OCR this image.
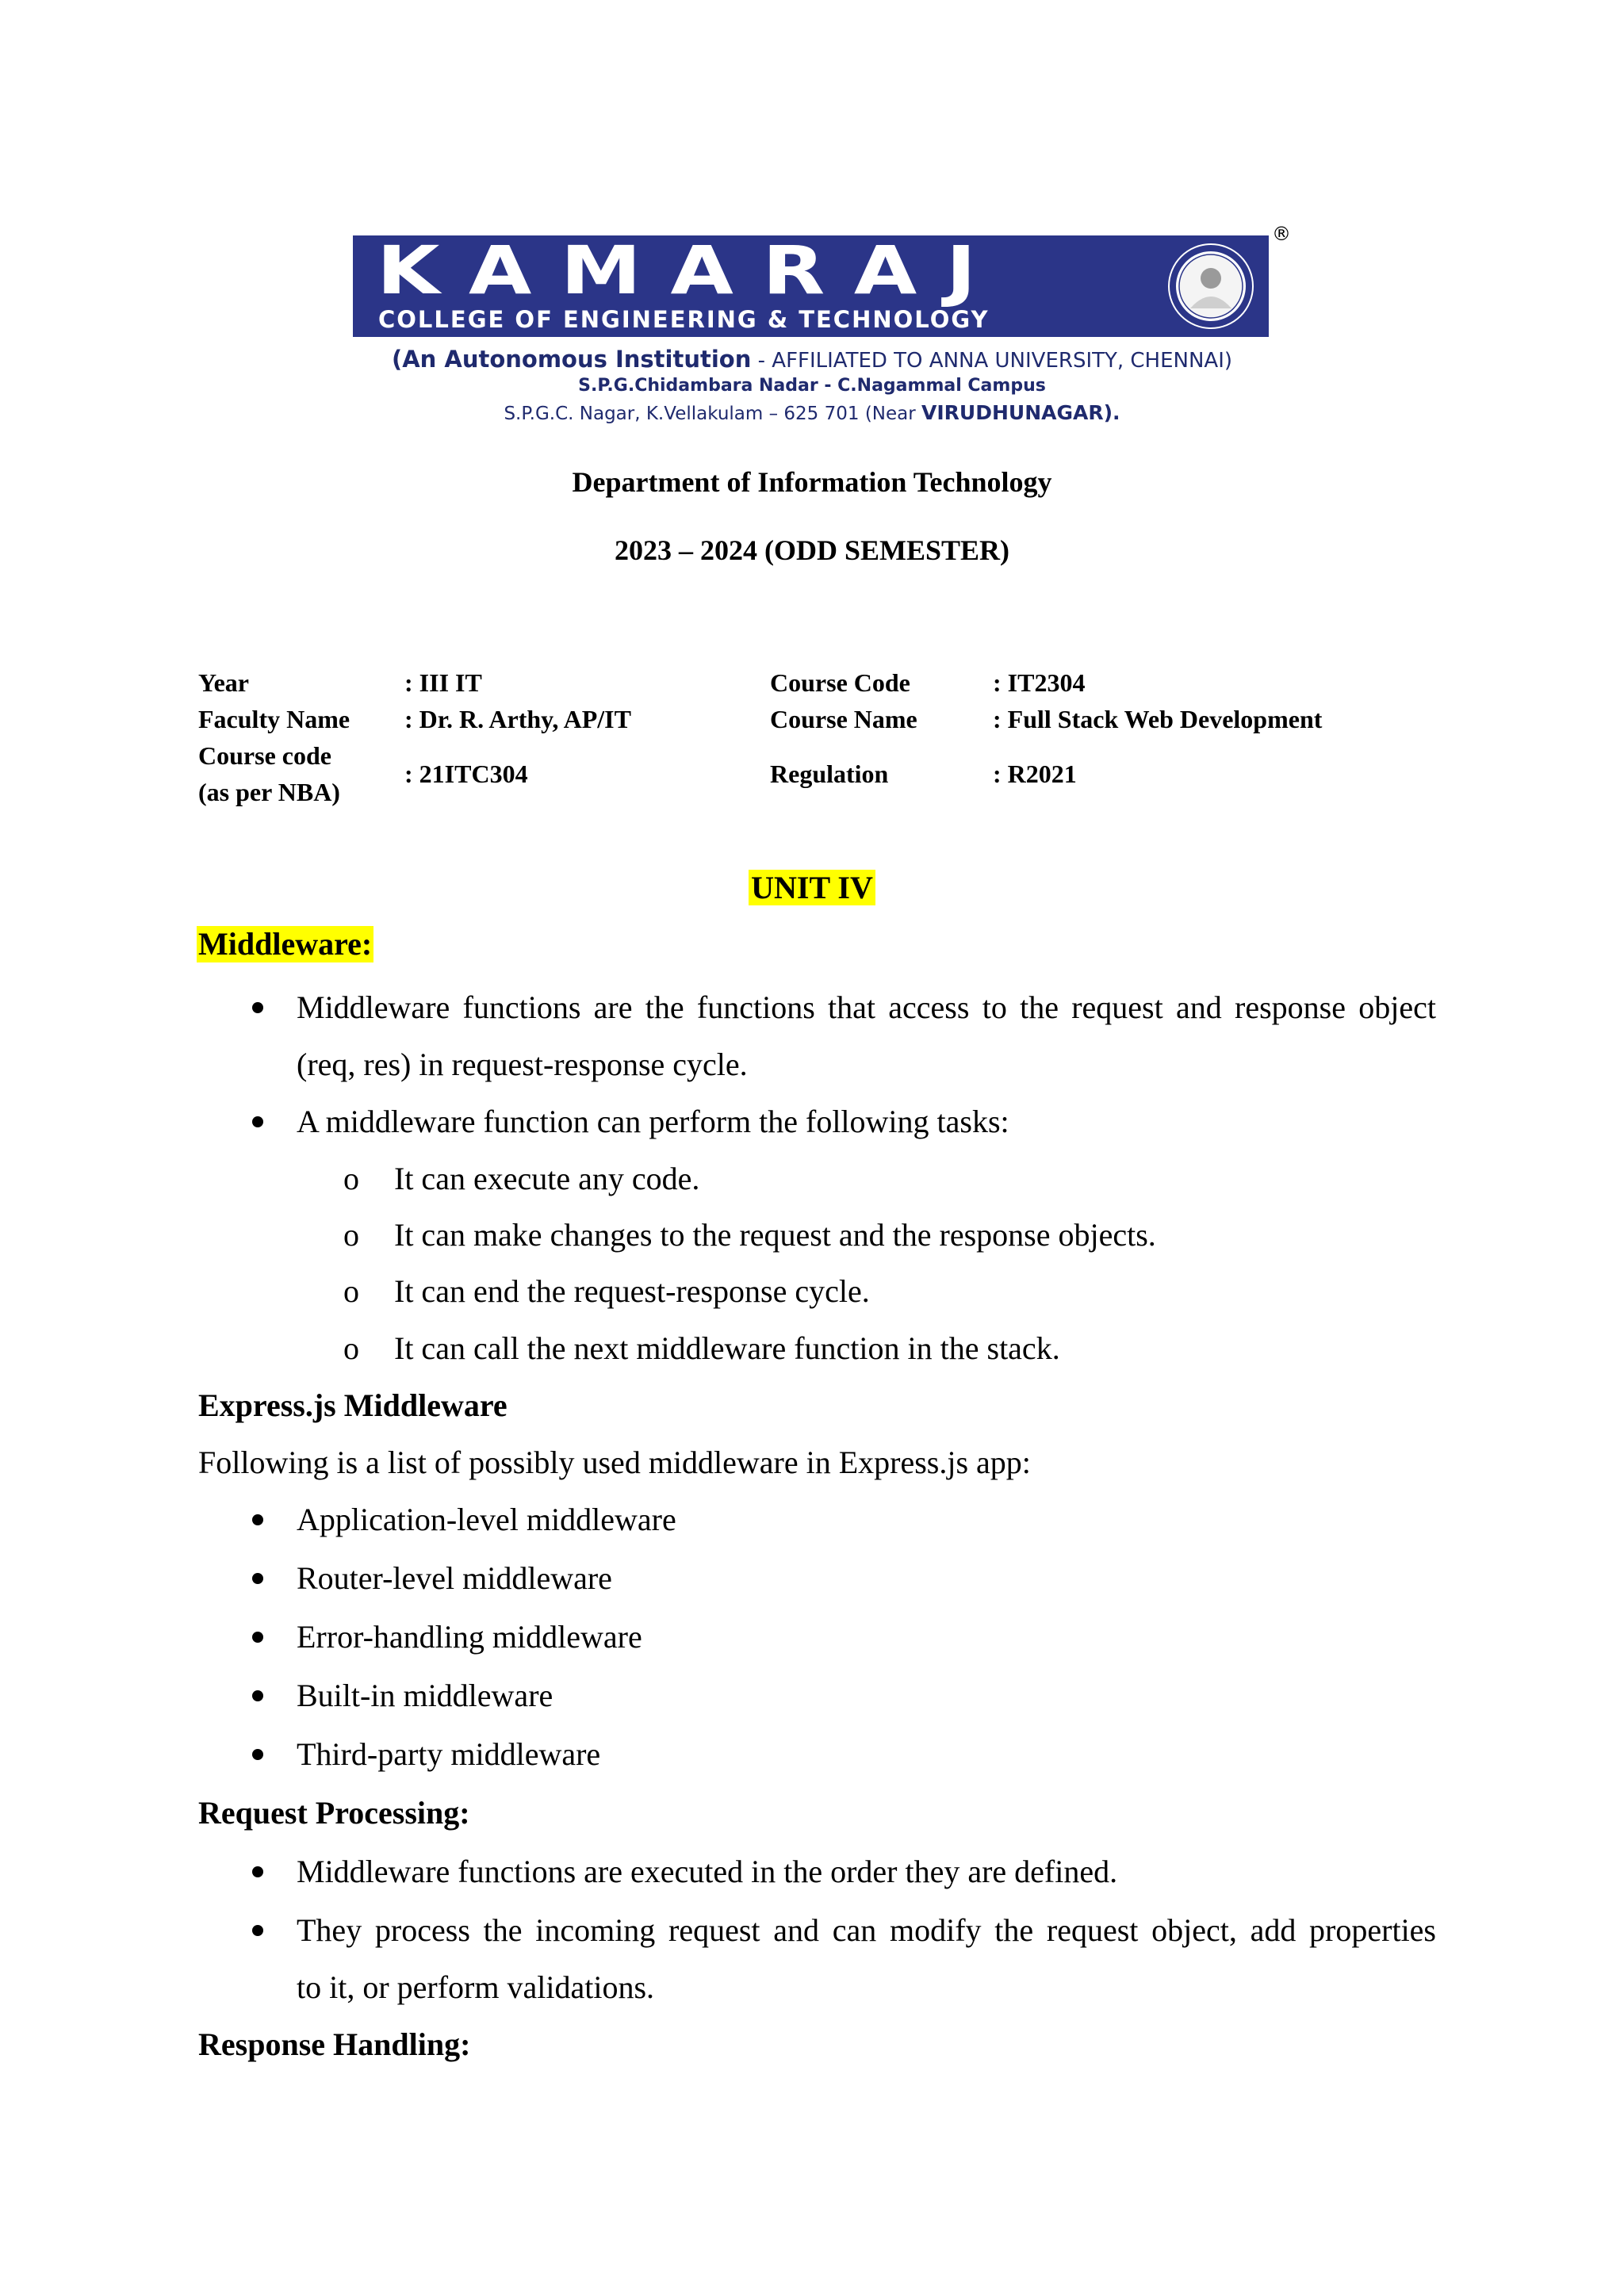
KAMARAJ
COLLEGE OF ENGINEERING & TECHNOLOGY
®
(An Autonomous Institution - AFFILIATED TO ANNA UNIVERSITY, CHENNAI)
S.P.G.Chidambara Nadar - C.Nagammal Campus
S.P.G.C. Nagar, K.Vellakulam – 625 701 (Near VIRUDHUNAGAR).
Department of Information Technology
2023 – 2024 (ODD SEMESTER)
Year	: III IT	Course Code	: IT2304
Faculty Name : Dr. R. Arthy, AP/IT	Course Name	: Full Stack Web Development
Course code
(as per NBA)
: 21ITC304	Regulation	: R2021
UNIT IV
Middleware:
Middleware functions are the functions that access to the request and response object
(req, res) in request-response cycle.
A middleware function can perform the following tasks:
o It can execute any code.
o It can make changes to the request and the response objects.
o It can end the request-response cycle.
o It can call the next middleware function in the stack.
Express.js Middleware
Following is a list of possibly used middleware in Express.js app:
Application-level middleware
Router-level middleware
Error-handling middleware
Built-in middleware
Third-party middleware
Request Processing:
Middleware functions are executed in the order they are defined.
They process the incoming request and can modify the request object, add properties
to it, or perform validations.
Response Handling:
